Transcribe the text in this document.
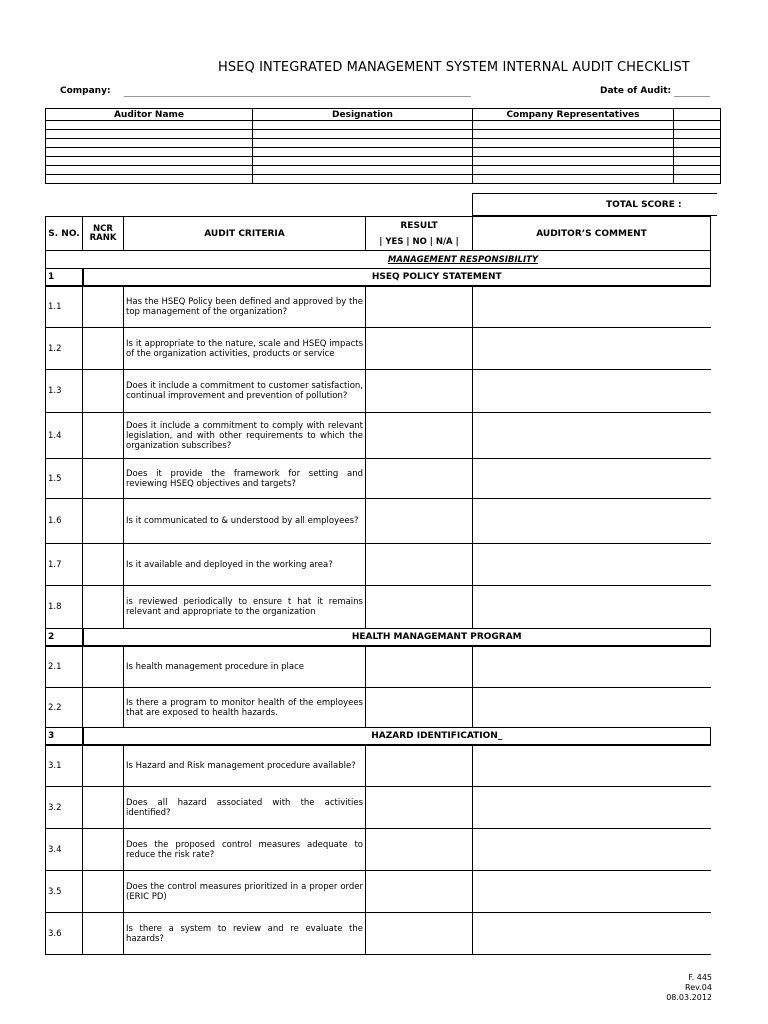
HSEQ INTEGRATED MANAGEMENT SYSTEM INTERNAL AUDIT CHECKLIST
Company:	Date of Audit:
Auditor Name	Designation	Company Representatives	

TOTAL SCORE :
S. NO.	NCR RANK	AUDIT CRITERIA	RESULT
| YES | NO | N/A |	AUDITOR’S COMMENT
MANAGEMENT RESPONSIBILITY				
1	HSEQ POLICY STATEMENT			
1.1		Has the HSEQ Policy been defined and approved by the top management of the organization?		
1.2		Is it appropriate to the nature, scale and HSEQ impacts of the organization activities, products or service		
1.3		Does it include a commitment to customer satisfaction, continual improvement and prevention of pollution?		
1.4		Does it include a commitment to comply with relevant legislation, and with other requirements to which the organization subscribes?		
1.5		Does it provide the framework for setting and reviewing HSEQ objectives and targets?		
1.6		Is it communicated to & understood by all employees?		
1.7		Is it available and deployed in the working area?		
1.8		is reviewed periodically to ensure t hat it remains relevant and appropriate to the organization		
2	HEALTH MANAGEMANT PROGRAM			
2.1		Is health management procedure in place		
2.2		Is there a program to monitor health of the employees that are exposed to health hazards.		
3	HAZARD IDENTIFICATION_			
3.1		Is Hazard and Risk management procedure available?		
3.2		Does all hazard associated with the activities identified?		
3.4		Does the proposed control measures adequate to reduce the risk rate?		
3.5		Does the control measures prioritized in a proper order (ERIC PD)		
3.6		Is there a system to review and re evaluate the hazards?		
F. 445
Rev.04
08.03.2012
